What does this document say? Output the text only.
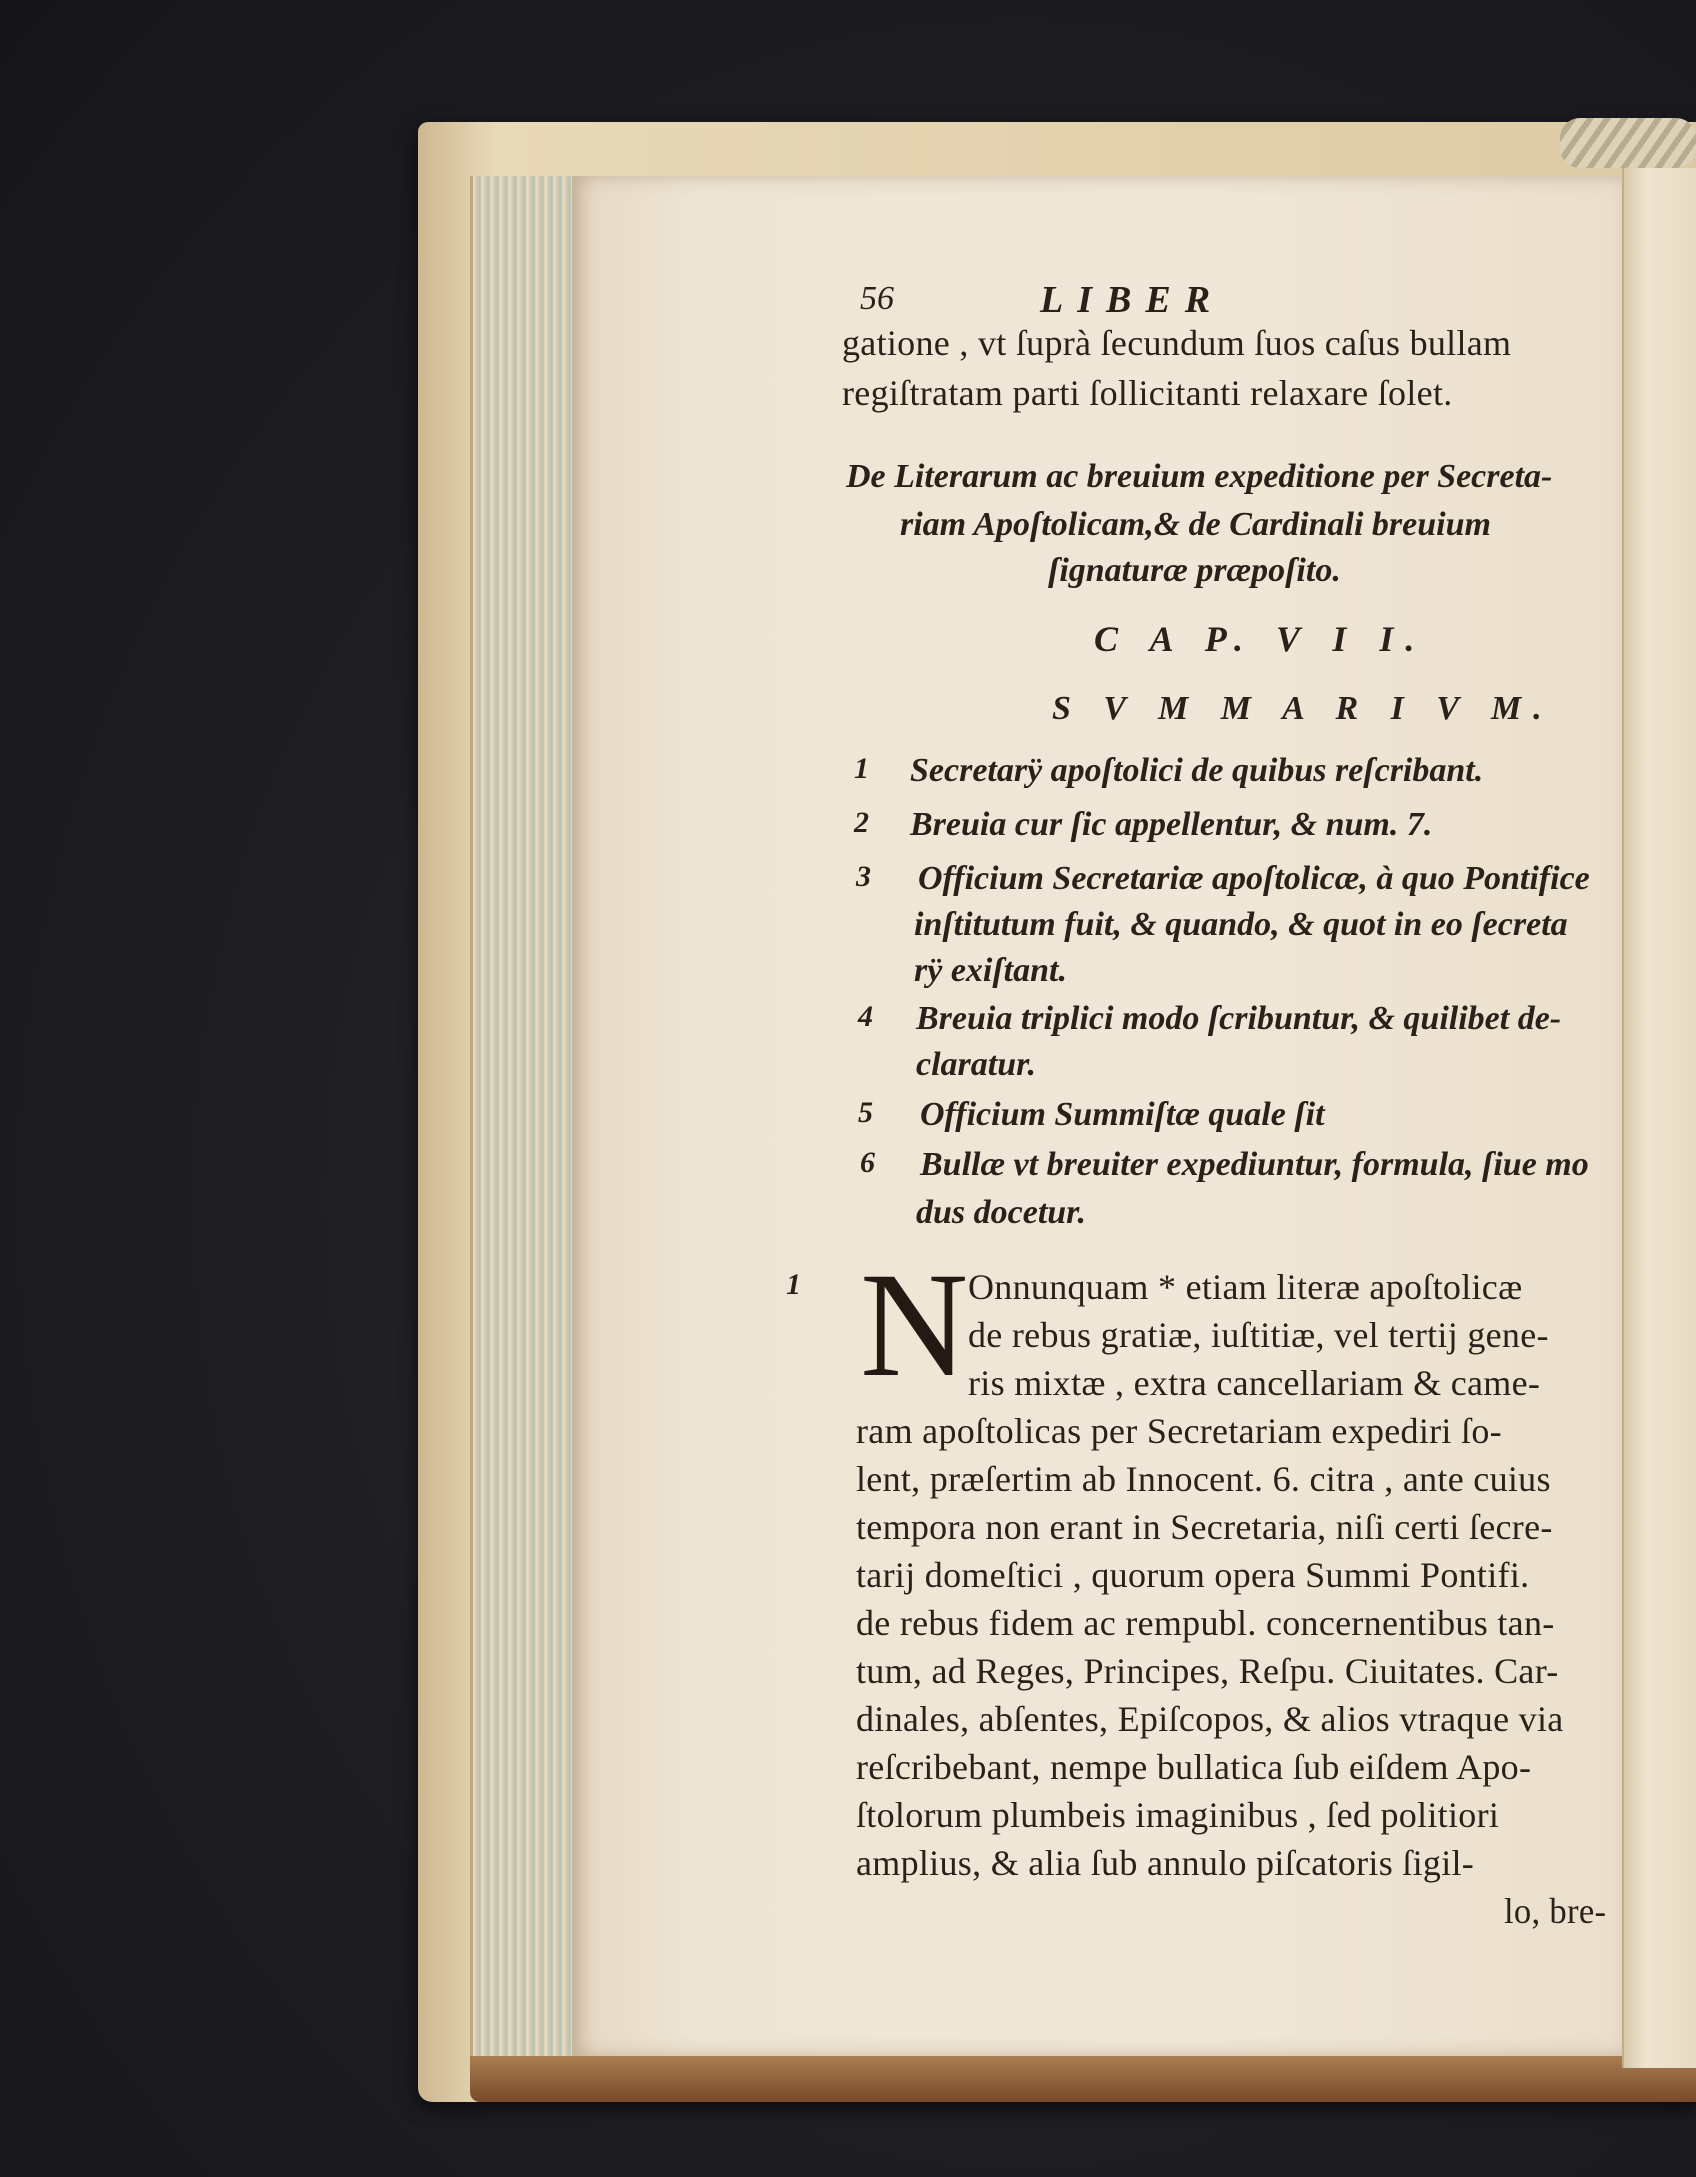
56	LIBER
gatione , vt ſuprà ſecundum ſuos caſus bullam
regiſtratam parti ſollicitanti relaxare ſolet.
De Literarum ac breuium expeditione per Secreta-
riam Apoſtolicam,& de Cardinali breuium
ſignaturæ præpoſito.
C A P. V I I.
S V M M A R I V M.
1 Secretarÿ apoſtolici de quibus reſcribant.
2 Breuia cur ſic appellentur, & num. 7.
3 Officium Secretariæ apoſtolicæ, à quo Pontifice
inſtitutum fuit, & quando, & quot in eo ſecreta
rÿ exiſtant.
4 Breuia triplici modo ſcribuntur, & quilibet de-
claratur.
5 Officium Summiſtæ quale ſit
6 Bullæ vt breuiter expediuntur, formula, ſiue mo
dus docetur.
1 N Onnunquam * etiam literæ apoſtolicæ
de rebus gratiæ, iuſtitiæ, vel tertij gene-
ris mixtæ , extra cancellariam & came-
ram apoſtolicas per Secretariam expediri ſo-
lent, præſertim ab Innocent. 6. citra , ante cuius
tempora non erant in Secretaria, niſi certi ſecre-
tarij domeſtici , quorum opera Summi Pontifi.
de rebus fidem ac rempubl. concernentibus tan-
tum, ad Reges, Principes, Reſpu. Ciuitates. Car-
dinales, abſentes, Epiſcopos, & alios vtraque via
reſcribebant, nempe bullatica ſub eiſdem Apo-
ſtolorum plumbeis imaginibus , ſed politiori
amplius, & alia ſub annulo piſcatoris ſigil-
lo, bre-
